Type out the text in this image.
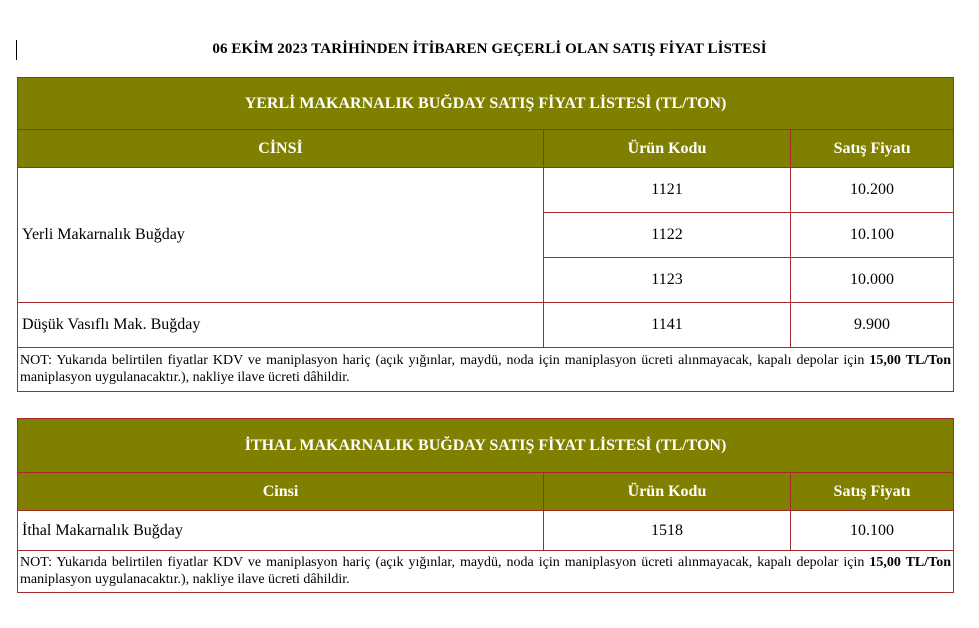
06 EKİM 2023 TARİHİNDEN İTİBAREN GEÇERLİ OLAN SATIŞ FİYAT LİSTESİ
YERLİ MAKARNALIK BUĞDAY SATIŞ FİYAT LİSTESİ (TL/TON)		
CİNSİ	Ürün Kodu	Satış Fiyatı
Yerli Makarnalık Buğday	1121	10.200
	1122	10.100
	1123	10.000
Düşük Vasıflı Mak. Buğday	1141	9.900
NOT: Yukarıda belirtilen fiyatlar KDV ve maniplasyon hariç (açık yığınlar, maydü, noda için maniplasyon ücreti alınmayacak, kapalı depolar için 15,00 TL/Ton maniplasyon uygulanacaktır.), nakliye ilave ücreti dâhildir.		
İTHAL MAKARNALIK BUĞDAY SATIŞ FİYAT LİSTESİ (TL/TON)		
Cinsi	Ürün Kodu	Satış Fiyatı
İthal Makarnalık Buğday	1518	10.100
NOT: Yukarıda belirtilen fiyatlar KDV ve maniplasyon hariç (açık yığınlar, maydü, noda için maniplasyon ücreti alınmayacak, kapalı depolar için 15,00 TL/Ton maniplasyon uygulanacaktır.), nakliye ilave ücreti dâhildir.		
